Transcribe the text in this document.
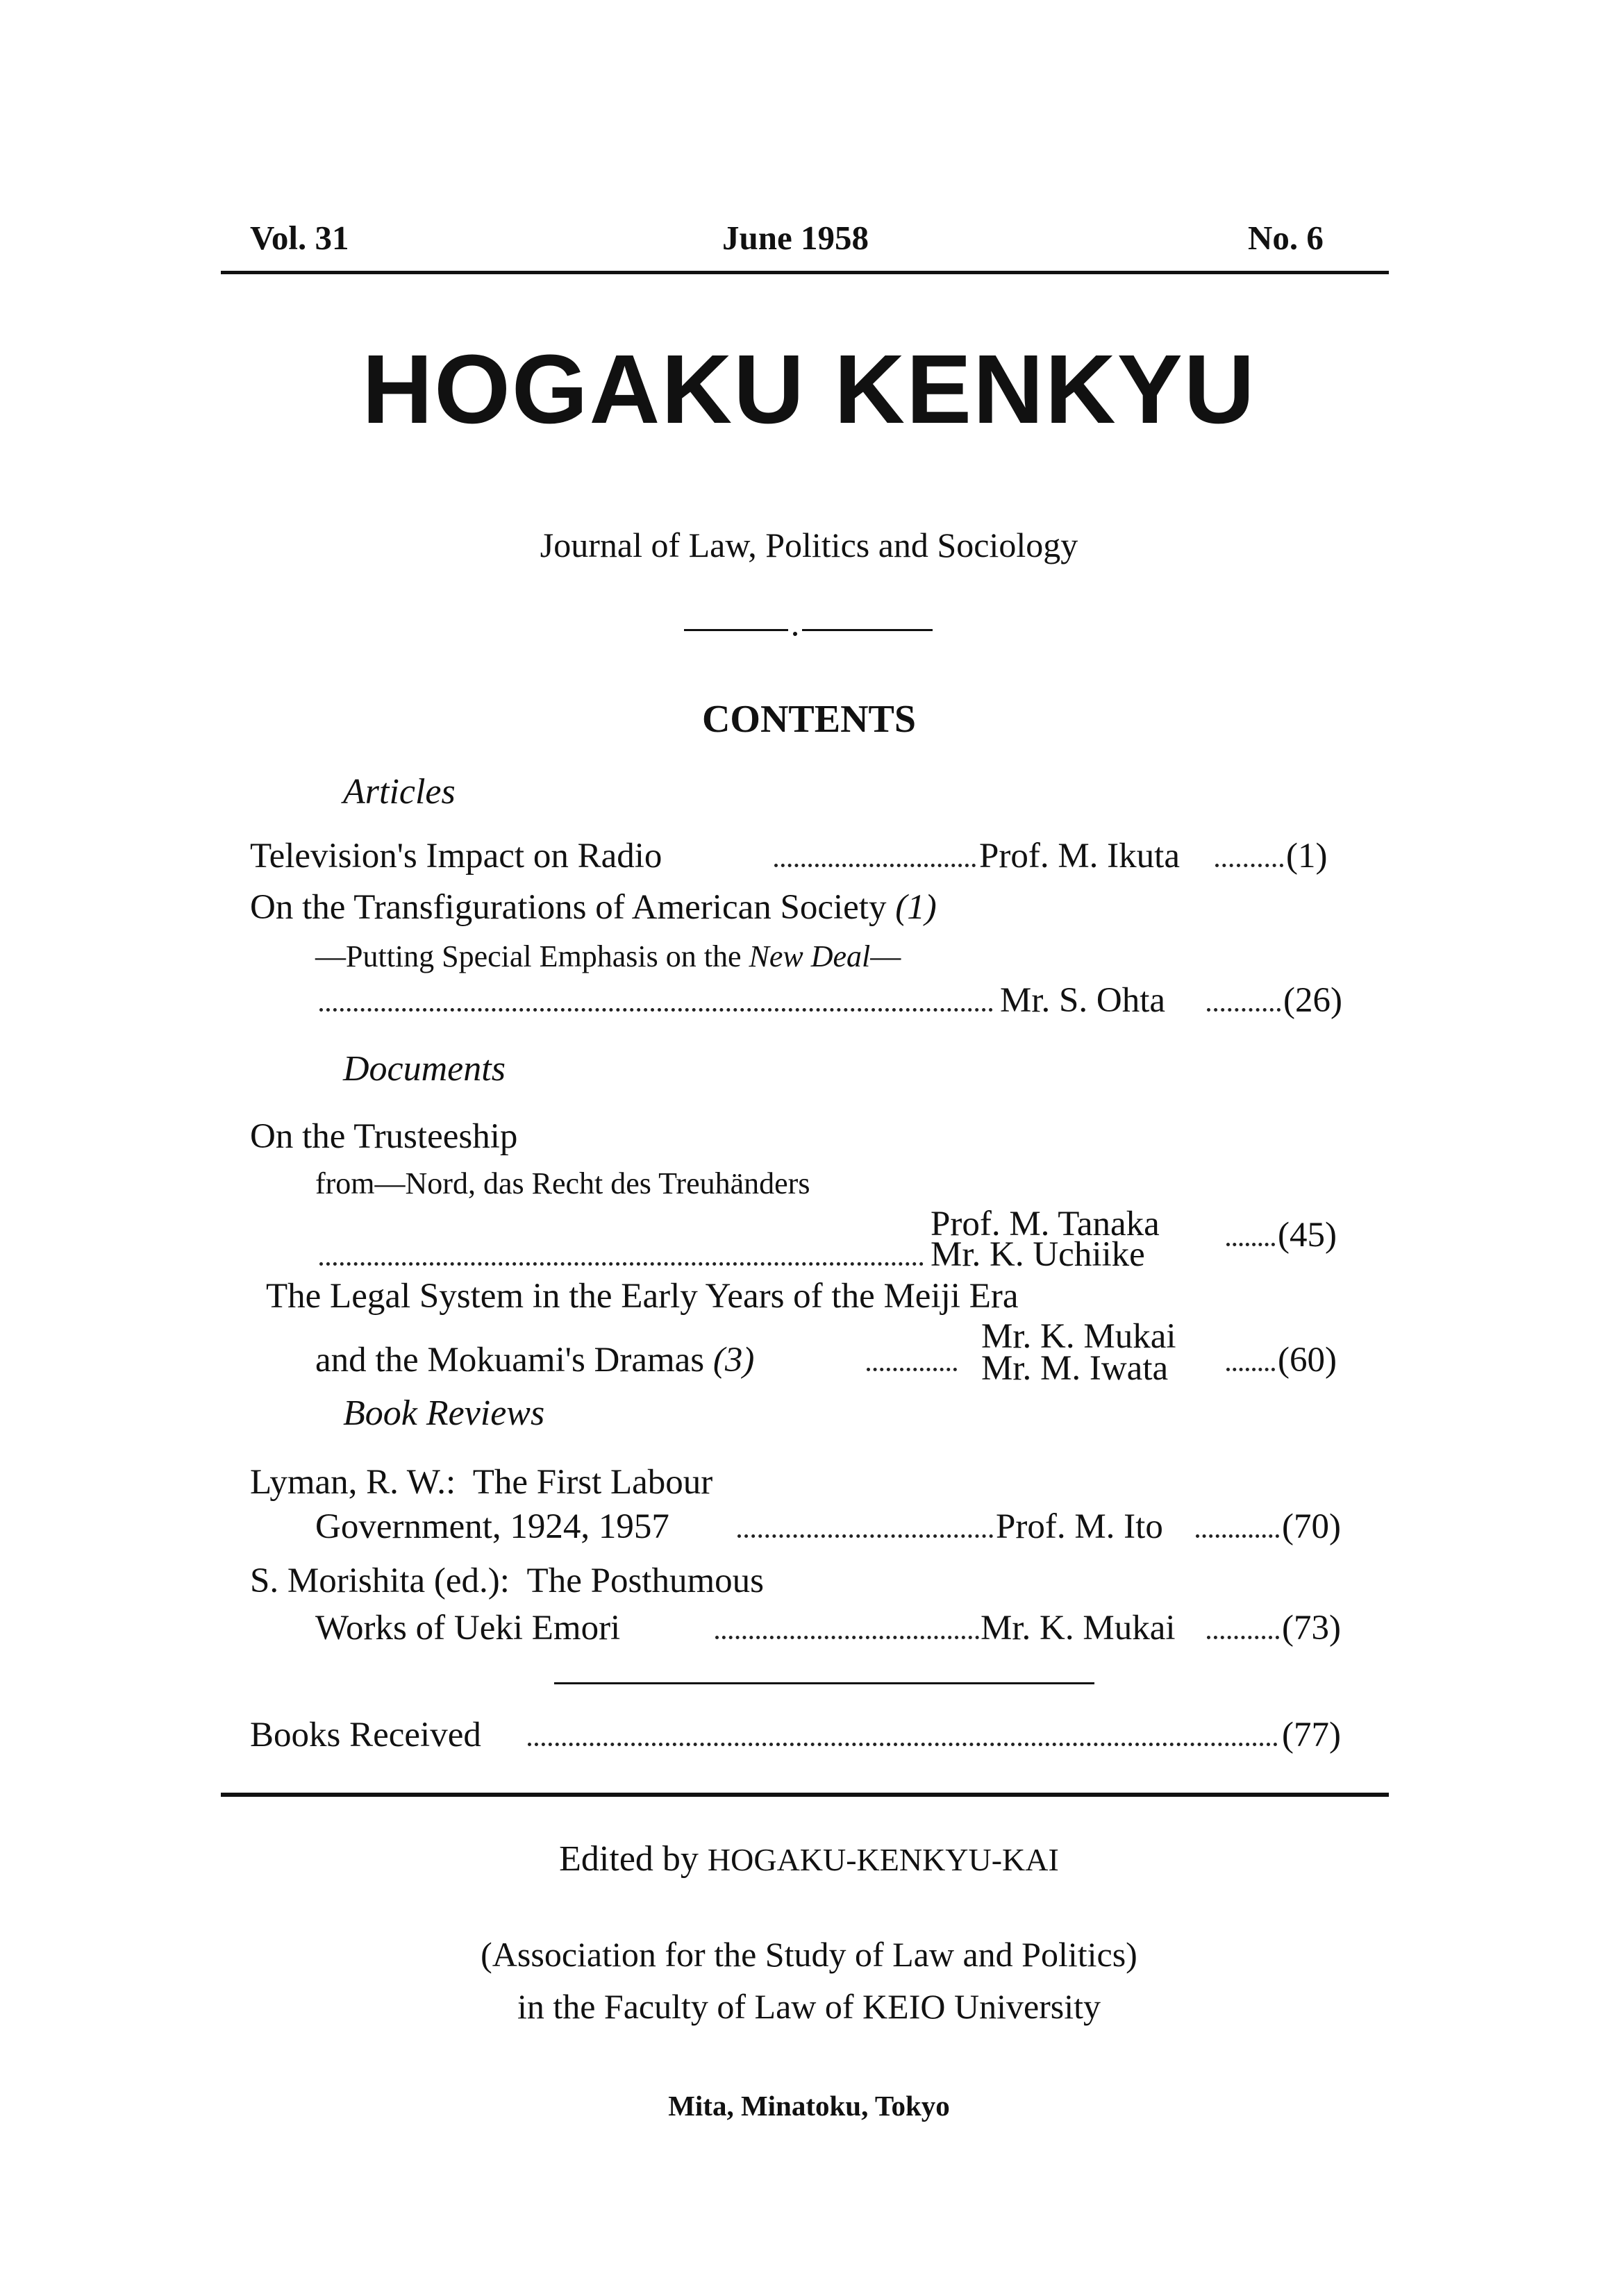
Vol. 31	June 1958	No. 6
HOGAKU KENKYU
Journal of Law, Politics and Sociology
CONTENTS
Articles
Television's Impact on Radio	Prof. M. Ikuta	(1)
On the Transfigurations of American Society (1)
—Putting Special Emphasis on the New Deal—
Mr. S. Ohta	(26)
Documents
On the Trusteeship
from—Nord, das Recht des Treuhänders
Prof. M. Tanaka
Mr. K. Uchiike	(45)
The Legal System in the Early Years of the Meiji Era
and the Mokuami's Dramas (3)
Mr. K. Mukai
Mr. M. Iwata	(60)
Book Reviews
Lyman, R. W.:  The First Labour
Government, 1924, 1957	Prof. M. Ito	(70)
S. Morishita (ed.):  The Posthumous
Works of Ueki Emori	Mr. K. Mukai	(73)
Books Received	(77)
Edited by HOGAKU-KENKYU-KAI
(Association for the Study of Law and Politics)
in the Faculty of Law of KEIO University
Mita, Minatoku, Tokyo
